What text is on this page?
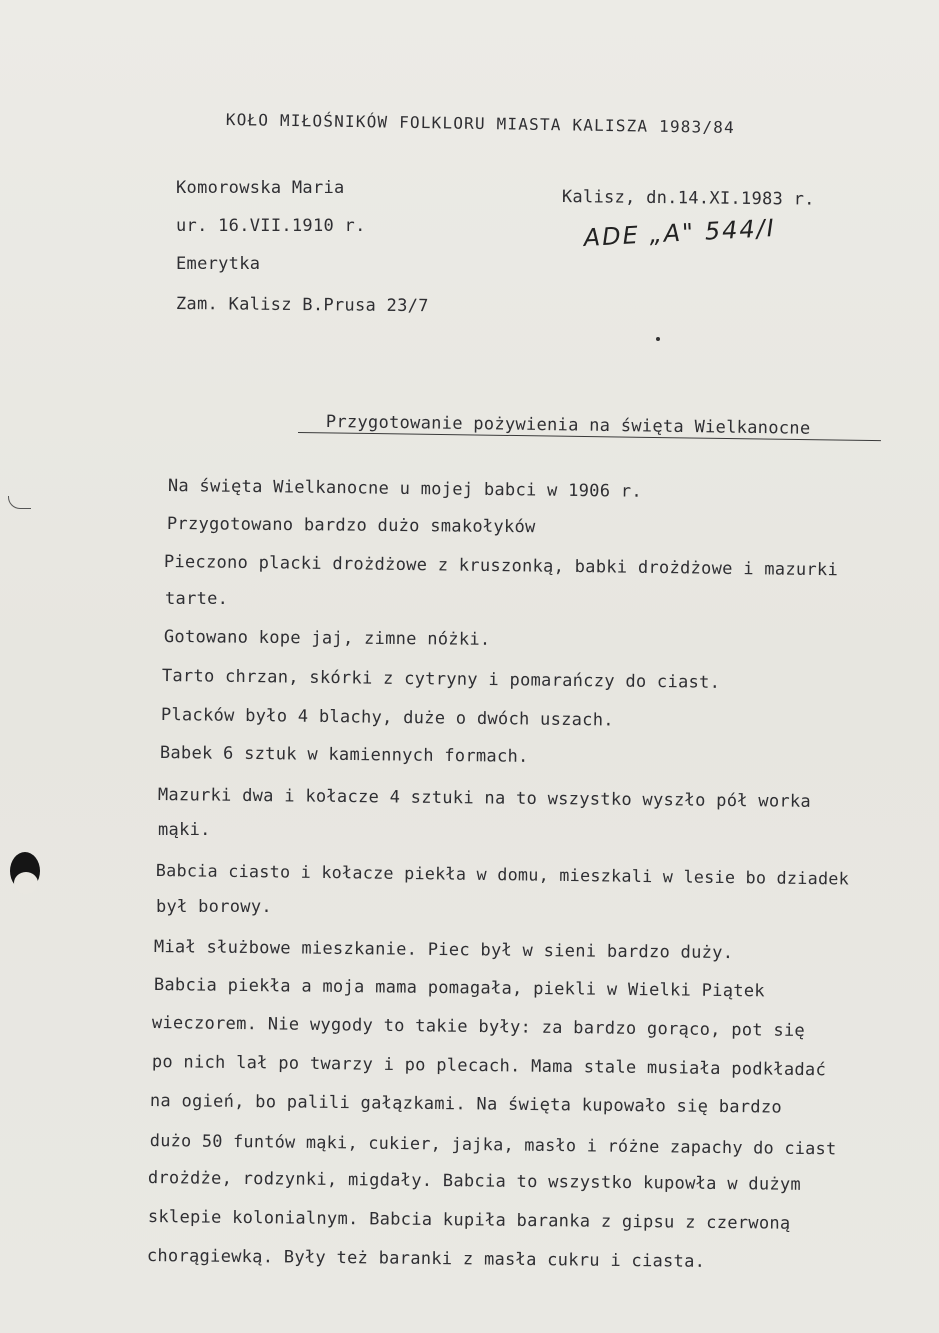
KOŁO MIŁOŚNIKÓW FOLKLORU MIASTA KALISZA 1983/84
Komorowska Maria
ur. 16.VII.1910 r.
Emerytka
Zam. Kalisz B.Prusa 23/7
Kalisz, dn.14.XI.1983 r.
ADE „A" 544/I
Przygotowanie pożywienia na święta Wielkanocne
Na święta Wielkanocne u mojej babci w 1906 r.
Przygotowano bardzo dużo smakołyków
Pieczono placki drożdżowe z kruszonką, babki drożdżowe i mazurki
tarte.
Gotowano kope jaj, zimne nóżki.
Tarto chrzan, skórki z cytryny i pomarańczy do ciast.
Placków było 4 blachy, duże o dwóch uszach.
Babek 6 sztuk w kamiennych formach.
Mazurki dwa i kołacze 4 sztuki na to wszystko wyszło pół worka
mąki.
Babcia ciasto i kołacze piekła w domu, mieszkali w lesie bo dziadek
był borowy.
Miał służbowe mieszkanie. Piec był w sieni bardzo duży.
Babcia piekła a moja mama pomagała, piekli w Wielki Piątek
wieczorem. Nie wygody to takie były: za bardzo gorąco, pot się
po nich lał po twarzy i po plecach. Mama stale musiała podkładać
na ogień, bo palili gałązkami. Na święta kupowało się bardzo
dużo 50 funtów mąki, cukier, jajka, masło i różne zapachy do ciast
drożdże, rodzynki, migdały. Babcia to wszystko kupowła w dużym
sklepie kolonialnym. Babcia kupiła baranka z gipsu z czerwoną
chorągiewką. Były też baranki z masła cukru i ciasta.
